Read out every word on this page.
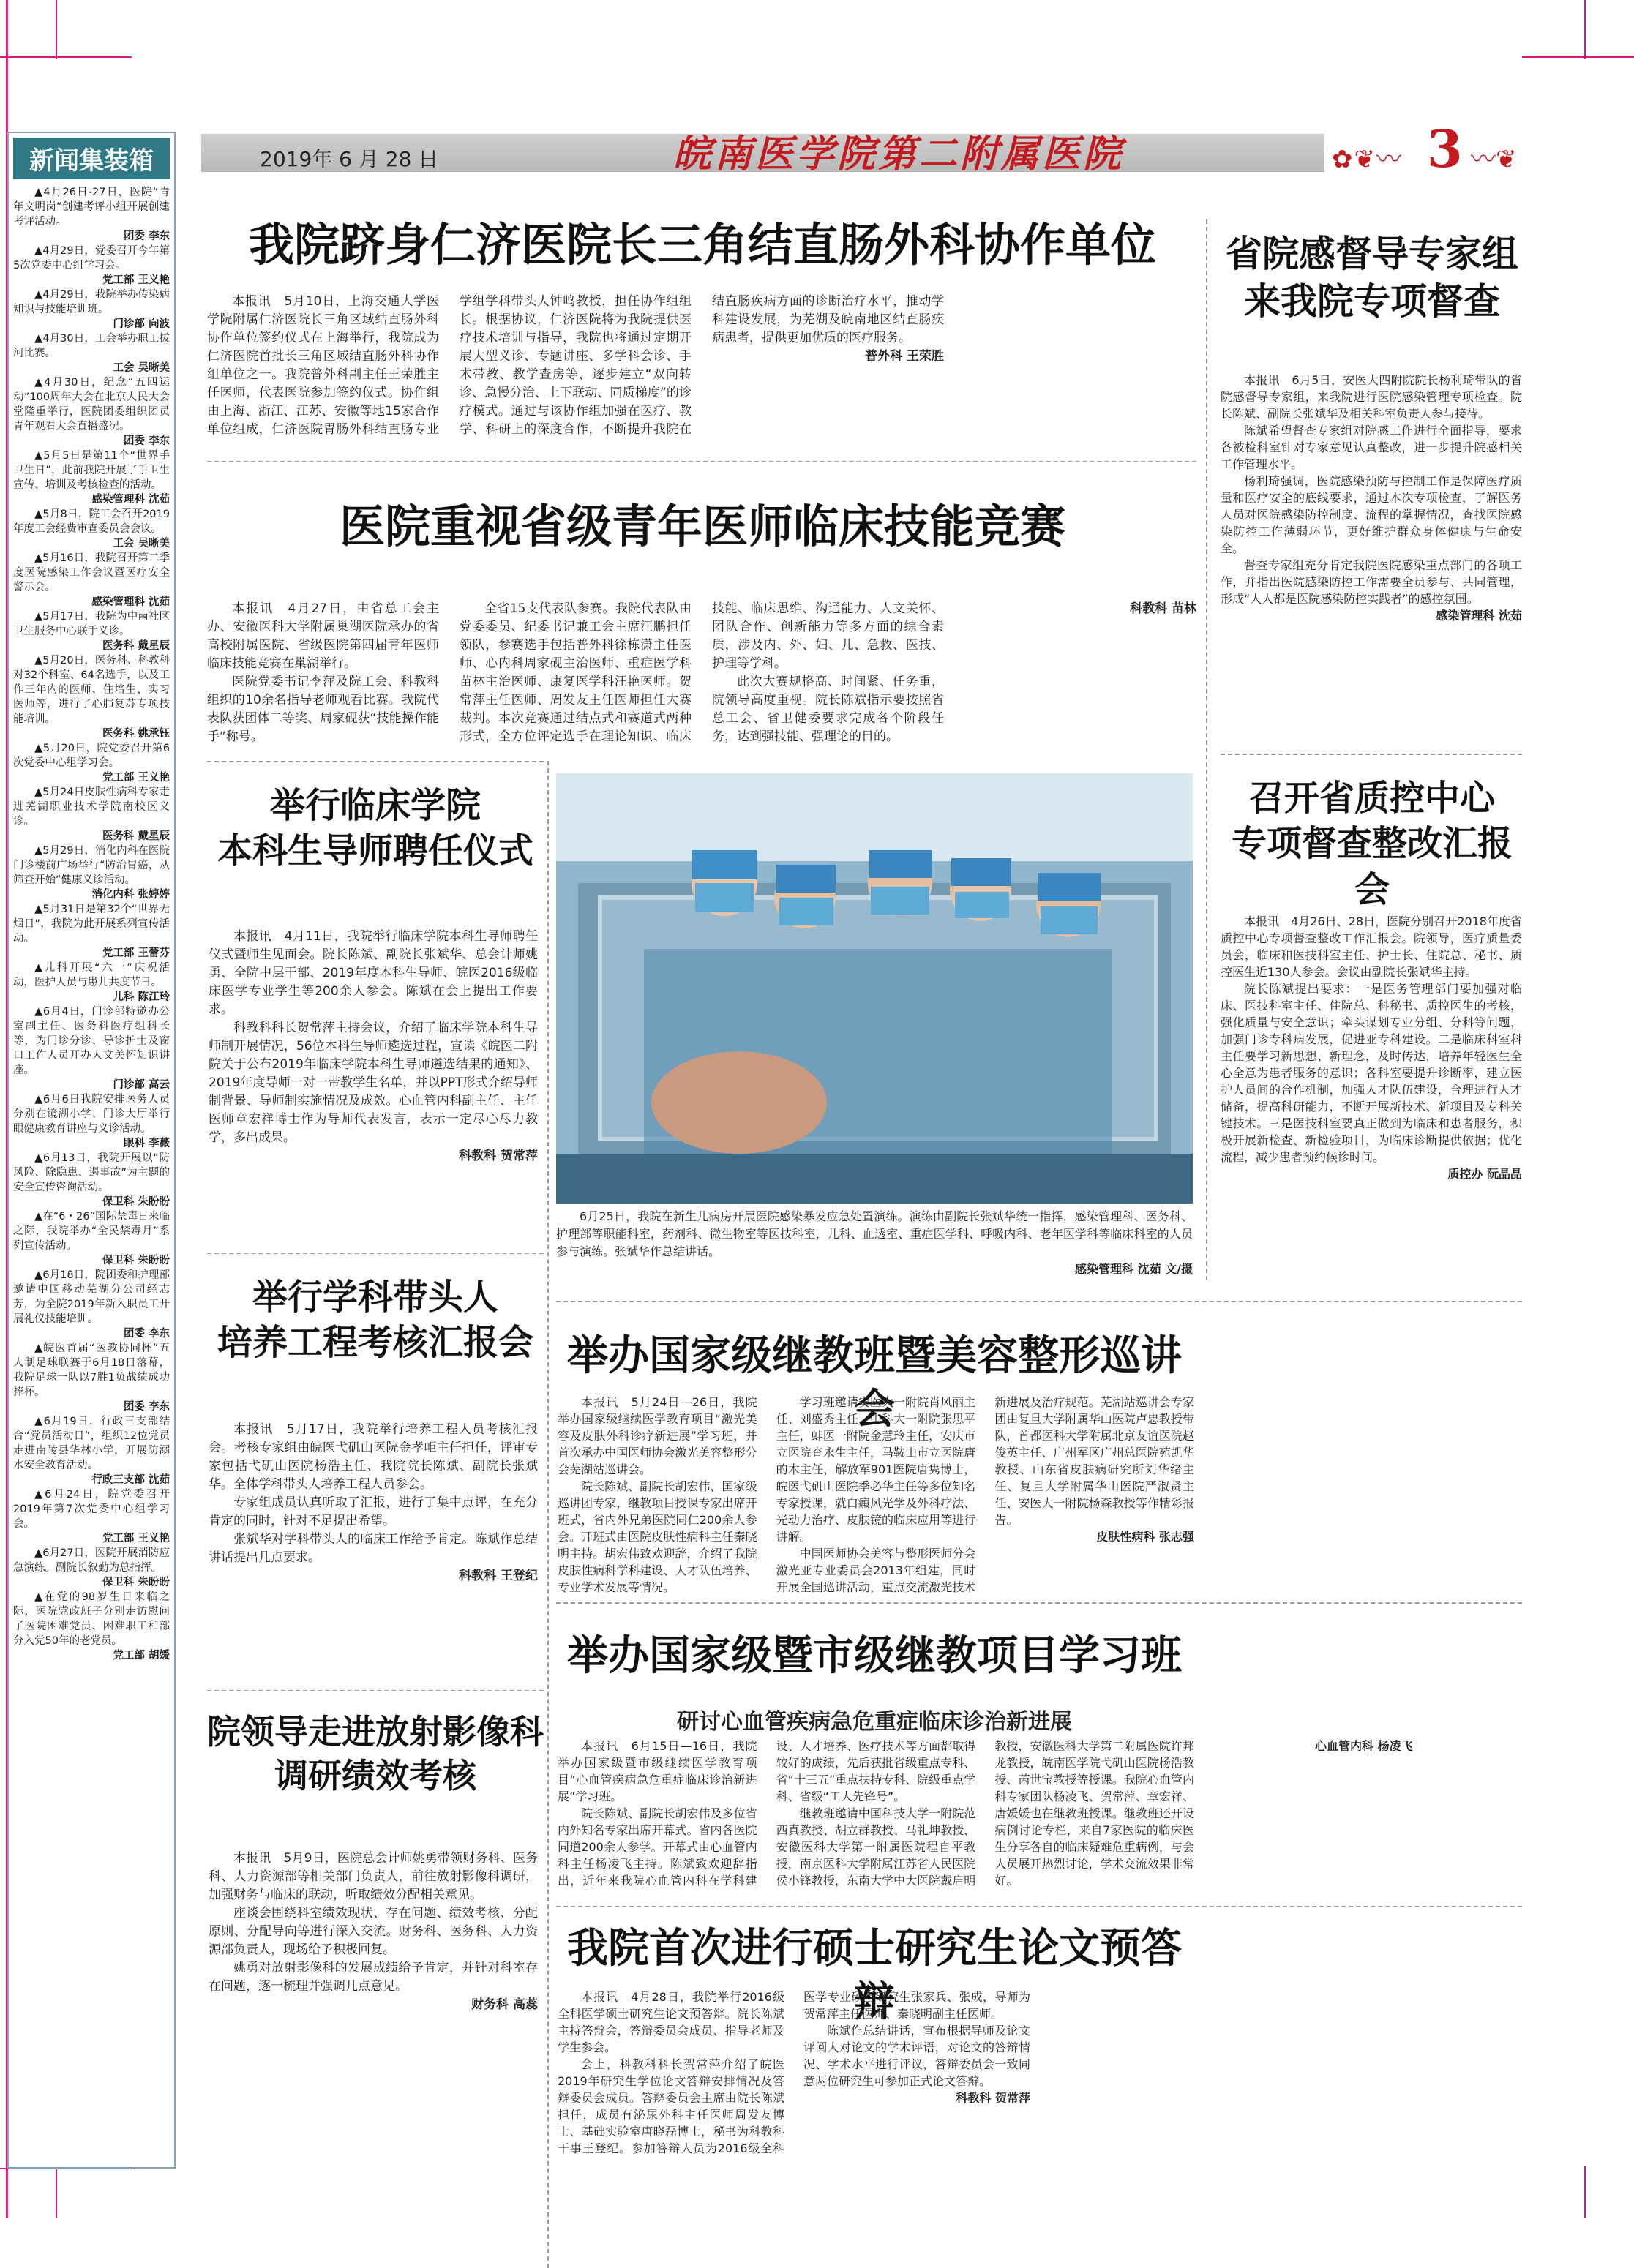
2019年 6 月 28 日	皖南医学院第二附属医院	✿❦〰 3 〰❦
新闻集装箱

▲4月26日-27日，医院“青年文明岗”创建考评小组开展创建考评活动。

团委 李东

▲4月29日，党委召开今年第5次党委中心组学习会。

党工部 王义艳

▲4月29日，我院举办传染病知识与技能培训班。

门诊部 向波

▲4月30日，工会举办职工拔河比赛。

工会 吴晰美

▲4月30日，纪念“五四运动”100周年大会在北京人民大会堂隆重举行，医院团委组织团员青年观看大会直播盛况。

团委 李东

▲5月5日是第11个“世界手卫生日”，此前我院开展了手卫生宣传、培训及考核检查的活动。

感染管理科 沈茹

▲5月8日，院工会召开2019年度工会经费审查委员会会议。

工会 吴晰美

▲5月16日，我院召开第二季度医院感染工作会议暨医疗安全警示会。

感染管理科 沈茹

▲5月17日，我院为中南社区卫生服务中心联手义诊。

医务科 戴星辰

▲5月20日，医务科、科教科对32个科室、64名选手，以及工作三年内的医师、住培生、实习医师等，进行了心肺复苏专项技能培训。

医务科 姚承钰

▲5月20日，院党委召开第6次党委中心组学习会。

党工部 王义艳

▲5月24日皮肤性病科专家走进芜湖职业技术学院南校区义诊。

医务科 戴星辰

▲5月29日，消化内科在医院门诊楼前广场举行“防治胃癌，从筛查开始”健康义诊活动。

消化内科 张婷婷

▲5月31日是第32个“世界无烟日”，我院为此开展系列宣传活动。

党工部 王蕾芬

▲儿科开展“六一”庆祝活动，医护人员与患儿共度节日。

儿科 陈江玲

▲6月4日，门诊部特邀办公室副主任、医务科医疗组科长等，为门诊分诊、导诊护士及窗口工作人员开办人文关怀知识讲座。

门诊部 高云

▲6月6日我院安排医务人员分别在镜湖小学、门诊大厅举行眼健康教育讲座与义诊活动。

眼科 李薇

▲6月13日，我院开展以“防风险、除隐患、遏事故”为主题的安全宣传咨询活动。

保卫科 朱盼盼

▲在“6・26”国际禁毒日来临之际，我院举办“全民禁毒月”系列宣传活动。

保卫科 朱盼盼

▲6月18日，院团委和护理部邀请中国移动芜湖分公司经志芳，为全院2019年新入职员工开展礼仪技能培训。

团委 李东

▲皖医首届“医教协同杯”五人制足球联赛于6月18日落幕，我院足球一队以7胜1负战绩成功捧杯。

团委 李东

▲6月19日，行政三支部结合“党员活动日”，组织12位党员走进南陵县华林小学，开展防溺水安全教育活动。

行政三支部 沈茹

▲6月24日，院党委召开2019年第7次党委中心组学习会。

党工部 王义艳

▲6月27日，医院开展消防应急演练。副院长叙勤为总指挥。

保卫科 朱盼盼

▲在党的98岁生日来临之际，医院党政班子分别走访慰问了医院困难党员、困难职工和部分入党50年的老党员。

党工部 胡媛

我院跻身仁济医院长三角结直肠外科协作单位

本报讯　5月10日，上海交通大学医学院附属仁济医院长三角区域结直肠外科协作单位签约仪式在上海举行，我院成为仁济医院首批长三角区域结直肠外科协作组单位之一。我院普外科副主任王荣胜主任医师，代表医院参加签约仪式。协作组由上海、浙江、江苏、安徽等地15家合作单位组成，仁济医院胃肠外科结直肠专业学组学科带头人钟鸣教授，担任协作组组长。根据协议，仁济医院将为我院提供医疗技术培训与指导，我院也将通过定期开展大型义诊、专题讲座、多学科会诊、手术带教、教学查房等，逐步建立“双向转诊、急慢分治、上下联动、同质梯度”的诊疗模式。通过与该协作组加强在医疗、教学、科研上的深度合作，不断提升我院在结直肠疾病方面的诊断治疗水平，推动学科建设发展，为芜湖及皖南地区结直肠疾病患者，提供更加优质的医疗服务。

普外科 王荣胜
医院重视省级青年医师临床技能竞赛

本报讯　4月27日，由省总工会主办、安徽医科大学附属巢湖医院承办的省高校附属医院、省级医院第四届青年医师临床技能竞赛在巢湖举行。

医院党委书记李萍及院工会、科教科组织的10余名指导老师观看比赛。我院代表队获团体二等奖、周家砚获“技能操作能手”称号。

全省15支代表队参赛。我院代表队由党委委员、纪委书记兼工会主席汪鹏担任领队，参赛选手包括普外科徐栋潇主任医师、心内科周家砚主治医师、重症医学科苗林主治医师、康复医学科汪艳医师。贺常萍主任医师、周发友主任医师担任大赛裁判。本次竞赛通过结点式和赛道式两种形式，全方位评定选手在理论知识、临床技能、临床思维、沟通能力、人文关怀、团队合作、创新能力等多方面的综合素质，涉及内、外、妇、儿、急救、医技、护理等学科。

此次大赛规格高、时间紧、任务重，院领导高度重视。院长陈斌指示要按照省总工会、省卫健委要求完成各个阶段任务，达到强技能、强理论的目的。

科教科 苗林
省院感督导专家组来我院专项督查

本报讯　6月5日，安医大四附院院长杨利琦带队的省院感督导专家组，来我院进行医院感染管理专项检查。院长陈斌、副院长张斌华及相关科室负责人参与接待。

陈斌希望督查专家组对院感工作进行全面指导，要求各被检科室针对专家意见认真整改，进一步提升院感相关工作管理水平。

杨利琦强调，医院感染预防与控制工作是保障医疗质量和医疗安全的底线要求，通过本次专项检查，了解医务人员对医院感染防控制度、流程的掌握情况，查找医院感染防控工作薄弱环节，更好维护群众身体健康与生命安全。

督查专家组充分肯定我院医院感染重点部门的各项工作，并指出医院感染防控工作需要全员参与、共同管理，形成“人人都是医院感染防控实践者”的感控氛围。

感染管理科 沈茹
举行临床学院
本科生导师聘任仪式

本报讯　4月11日，我院举行临床学院本科生导师聘任仪式暨师生见面会。院长陈斌、副院长张斌华、总会计师姚勇、全院中层干部、2019年度本科生导师、皖医2016级临床医学专业学生等200余人参会。陈斌在会上提出工作要求。

科教科科长贺常萍主持会议，介绍了临床学院本科生导师制开展情况，56位本科生导师遴选过程，宣读《皖医二附院关于公布2019年临床学院本科生导师遴选结果的通知》、2019年度导师一对一带教学生名单，并以PPT形式介绍导师制背景、导师制实施情况及成效。心血管内科副主任、主任医师章宏祥博士作为导师代表发言，表示一定尽心尽力教学，多出成果。

科教科 贺常萍

6月25日，我院在新生儿病房开展医院感染暴发应急处置演练。演练由副院长张斌华统一指挥，感染管理科、医务科、护理部等职能科室，药剂科、微生物室等医技科室，儿科、血透室、重症医学科、呼吸内科、老年医学科等临床科室的人员参与演练。张斌华作总结讲话。

感染管理科 沈茹 文/摄
召开省质控中心
专项督查整改汇报会

本报讯　4月26日、28日，医院分别召开2018年度省质控中心专项督查整改工作汇报会。院领导，医疗质量委员会，临床和医技科室主任、护士长、住院总、秘书、质控医生近130人参会。会议由副院长张斌华主持。

院长陈斌提出要求：一是医务管理部门要加强对临床、医技科室主任、住院总、科秘书、质控医生的考核，强化质量与安全意识；牵头谋划专业分组、分科等问题，加强门诊专科病发展，促进亚专科建设。二是临床科室科主任要学习新思想、新理念，及时传达，培养年轻医生全心全意为患者服务的意识；各科室要提升诊断率，建立医护人员间的合作机制，加强人才队伍建设，合理进行人才储备，提高科研能力，不断开展新技术、新项目及专科关键技术。三是医技科室要真正做到为临床和患者服务，积极开展新检查、新检验项目，为临床诊断提供依据；优化流程，减少患者预约候诊时间。

质控办 阮晶晶
举行学科带头人
培养工程考核汇报会

本报讯　5月17日，我院举行培养工程人员考核汇报会。考核专家组由皖医弋矶山医院金孝岠主任担任，评审专家包括弋矶山医院杨浩主任、我院院长陈斌、副院长张斌华。全体学科带头人培养工程人员参会。

专家组成员认真听取了汇报，进行了集中点评，在充分肯定的同时，针对不足提出希望。

张斌华对学科带头人的临床工作给予肯定。陈斌作总结讲话提出几点要求。

科教科 王登纪
举办国家级继教班暨美容整形巡讲会

本报讯　5月24日—26日，我院举办国家级继续医学教育项目“激光美容及皮肤外科诊疗新进展”学习班，并首次承办中国医师协会激光美容整形分会芜湖站巡讲会。

院长陈斌、副院长胡宏伟，国家级巡讲团专家，继教项目授课专家出席开班式，省内外兄弟医院同仁200余人参会。开班式由医院皮肤性病科主任秦晓明主持。胡宏伟致欢迎辞，介绍了我院皮肤性病科学科建设、人才队伍培养、专业学术发展等情况。

学习班邀请安医大一附院肖风丽主任、刘盛秀主任，中科大一附院张思平主任，蚌医一附院金慧玲主任，安庆市立医院查永生主任，马鞍山市立医院唐的木主任，解放军901医院唐隽博士，皖医弋矶山医院季必华主任等多位知名专家授课，就白癜风光学及外科疗法、光动力治疗、皮肤镜的临床应用等进行讲解。

中国医师协会美容与整形医师分会激光亚专业委员会2013年组建，同时开展全国巡讲活动，重点交流激光技术新进展及治疗规范。芜湖站巡讲会专家团由复旦大学附属华山医院卢忠教授带队，首都医科大学附属北京友谊医院赵俊英主任、广州军区广州总医院苑凯华教授、山东省皮肤病研究所刘华绪主任、复旦大学附属华山医院严淑贤主任、安医大一附院杨森教授等作精彩报告。

皮肤性病科 张志强
举办国家级暨市级继教项目学习班
研讨心血管疾病急危重症临床诊治新进展

本报讯　6月15日—16日，我院举办国家级暨市级继续医学教育项目“心血管疾病急危重症临床诊治新进展”学习班。

院长陈斌、副院长胡宏伟及多位省内外知名专家出席开幕式。省内各医院同道200余人参学。开幕式由心血管内科主任杨凌飞主持。陈斌致欢迎辞指出，近年来我院心血管内科在学科建设、人才培养、医疗技术等方面都取得较好的成绩，先后获批省级重点专科、省“十三五”重点扶持专科、院级重点学科、省级“工人先锋号”。

继教班邀请中国科技大学一附院范西真教授、胡立群教授、马礼坤教授，安徽医科大学第一附属医院程自平教授，南京医科大学附属江苏省人民医院侯小锋教授，东南大学中大医院戴启明教授，安徽医科大学第二附属医院许邦龙教授，皖南医学院弋矶山医院杨浩教授、芮世宝教授等授课。我院心血管内科专家团队杨凌飞、贺常萍、章宏祥、唐媛媛也在继教班授课。继教班还开设病例讨论专栏，来自7家医院的临床医生分享各自的临床疑难危重病例，与会人员展开热烈讨论，学术交流效果非常好。

心血管内科 杨凌飞
院领导走进放射影像科
调研绩效考核

本报讯　5月9日，医院总会计师姚勇带领财务科、医务科、人力资源部等相关部门负责人，前往放射影像科调研，加强财务与临床的联动，听取绩效分配相关意见。

座谈会围绕科室绩效现状、存在问题、绩效考核、分配原则、分配导向等进行深入交流。财务科、医务科、人力资源部负责人，现场给予积极回复。

姚勇对放射影像科的发展成绩给予肯定，并针对科室存在问题，逐一梳理并强调几点意见。

财务科 高蕊
我院首次进行硕士研究生论文预答辩

本报讯　4月28日，我院举行2016级全科医学硕士研究生论文预答辩。院长陈斌主持答辩会，答辩委员会成员、指导老师及学生参会。

会上，科教科科长贺常萍介绍了皖医2019年研究生学位论文答辩安排情况及答辩委员会成员。答辩委员会主席由院长陈斌担任，成员有泌尿外科主任医师周发友博士、基础实验室唐晓磊博士，秘书为科教科干事王登纪。参加答辩人员为2016级全科医学专业硕士研究生张家兵、张成，导师为贺常萍主任医师、秦晓明副主任医师。

陈斌作总结讲话，宣布根据导师及论文评阅人对论文的学术评语，对论文的答辩情况、学术水平进行评议，答辩委员会一致同意两位研究生可参加正式论文答辩。

科教科 贺常萍
